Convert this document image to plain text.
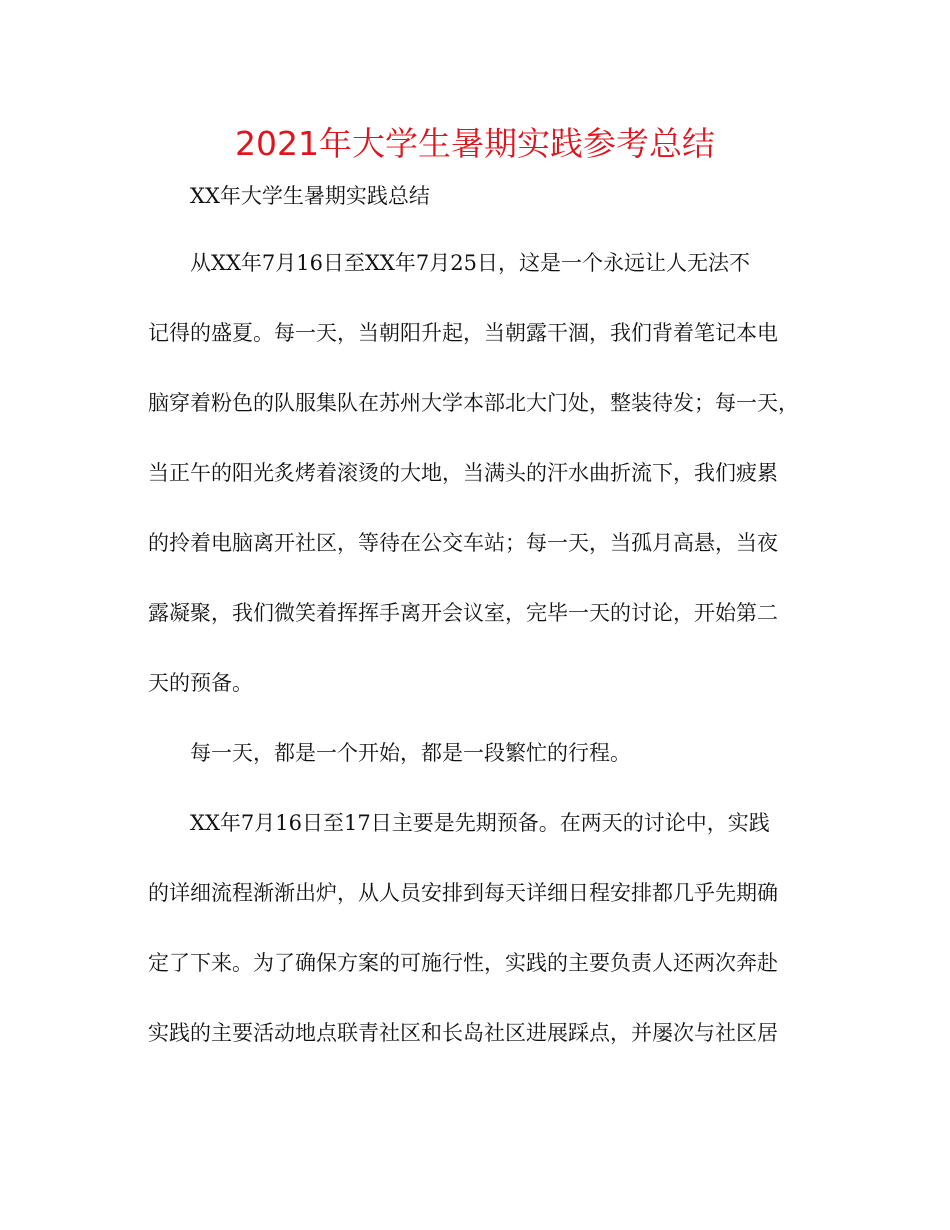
2021年大学生暑期实践参考总结

XX年大学生暑期实践总结

从XX年7月16日至XX年7月25日，这是一个永远让人无法不
记得的盛夏。每一天，当朝阳升起，当朝露干涸，我们背着笔记本电
脑穿着粉色的队服集队在苏州大学本部北大门处，整装待发；每一天，
当正午的阳光炙烤着滚烫的大地，当满头的汗水曲折流下，我们疲累
的拎着电脑离开社区，等待在公交车站；每一天，当孤月高悬，当夜
露凝聚，我们微笑着挥挥手离开会议室，完毕一天的讨论，开始第二
天的预备。
每一天，都是一个开始，都是一段繁忙的行程。
XX年7月16日至17日主要是先期预备。在两天的讨论中，实践
的详细流程渐渐出炉，从人员安排到每天详细日程安排都几乎先期确
定了下来。为了确保方案的可施行性，实践的主要负责人还两次奔赴
实践的主要活动地点联青社区和长岛社区进展踩点，并屡次与社区居
